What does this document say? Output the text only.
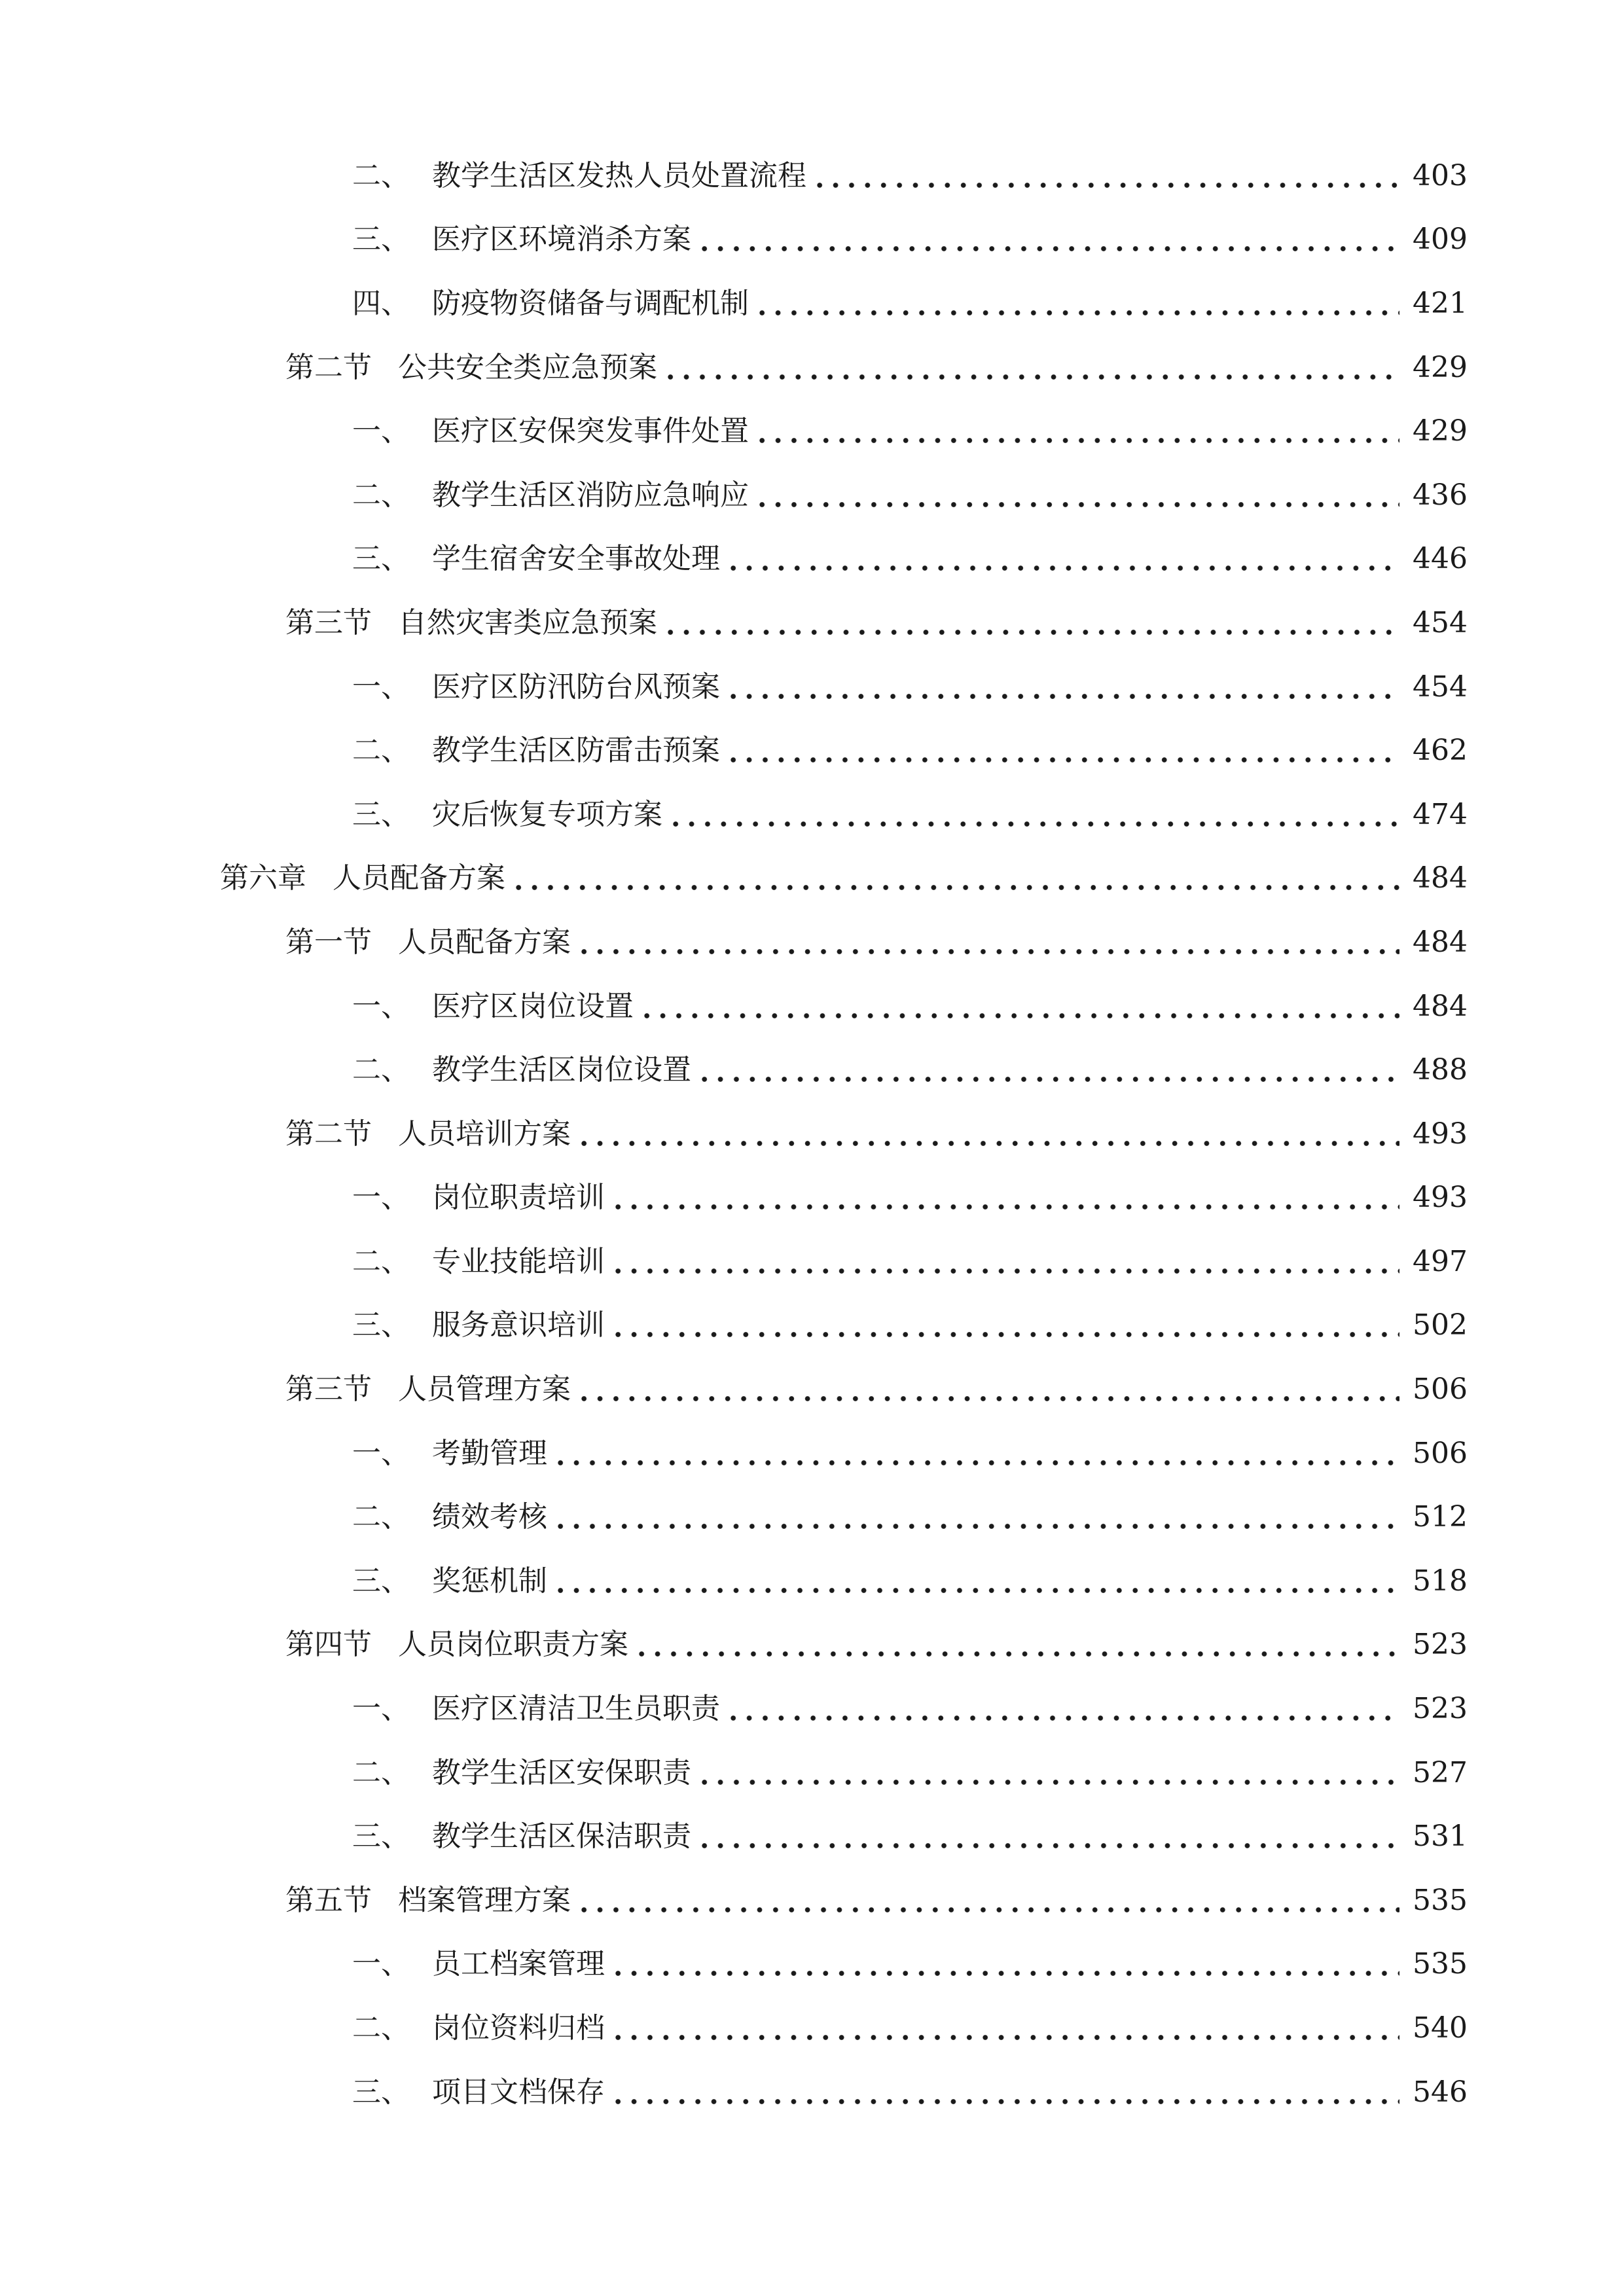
二、 教学生活区发热人员处置流程	403
三、 医疗区环境消杀方案	409
四、 防疫物资储备与调配机制	421
第二节 公共安全类应急预案	429
一、 医疗区安保突发事件处置	429
二、 教学生活区消防应急响应	436
三、 学生宿舍安全事故处理	446
第三节 自然灾害类应急预案	454
一、 医疗区防汛防台风预案	454
二、 教学生活区防雷击预案	462
三、 灾后恢复专项方案	474
第六章 人员配备方案	484
第一节 人员配备方案	484
一、 医疗区岗位设置	484
二、 教学生活区岗位设置	488
第二节 人员培训方案	493
一、 岗位职责培训	493
二、 专业技能培训	497
三、 服务意识培训	502
第三节 人员管理方案	506
一、 考勤管理	506
二、 绩效考核	512
三、 奖惩机制	518
第四节 人员岗位职责方案	523
一、 医疗区清洁卫生员职责	523
二、 教学生活区安保职责	527
三、 教学生活区保洁职责	531
第五节 档案管理方案	535
一、 员工档案管理	535
二、 岗位资料归档	540
三、 项目文档保存	546
